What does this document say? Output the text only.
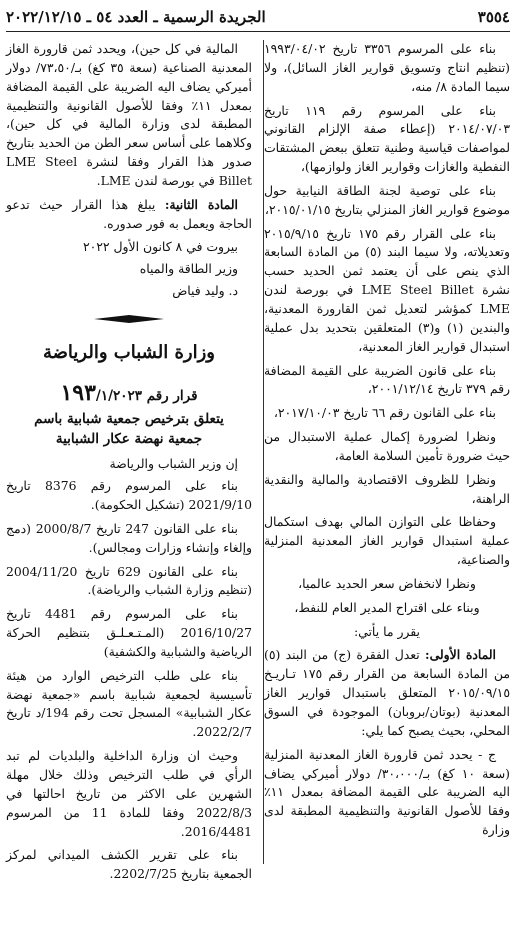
٣٥٥٤
الجريدة الرسمية ـ العدد ٥٤ ـ ٢٠٢٢/١٢/١٥

بناء على المرسوم ٣٣٥٦ تاريخ ١٩٩٣/٠٤/٠٢ (تنظيم انتاج وتسويق قوارير الغاز السائل)، ولا سيما المادة ٨/ منه،

بناء على المرسوم رقم ١١٩ تاريخ ٢٠١٤/٠٧/٠٣ (إعطاء صفة الإلزام القانوني لمواصفات قياسية وطنية تتعلق ببعض المشتقات النفطية والغازات وقوارير الغاز ولوازمها)،

بناء على توصية لجنة الطاقة النيابية حول موضوع قوارير الغاز المنزلي بتاريخ ٢٠١٥/٠١/١٥،

بناء على القرار رقم ١٧٥ تاريخ ٢٠١٥/٩/١٥ وتعديلاته، ولا سيما البند (٥) من المادة السابعة الذي ينص على أن يعتمد ثمن الحديد حسب نشرة LME Steel Billet في بورصة لندن LME كمؤشر لتعديل ثمن القارورة المعدنية، والبندين (١) و(٣) المتعلقين بتحديد بدل عملية استبدال قوارير الغاز المعدنية،

بناء على قانون الضريبة على القيمة المضافة رقم ٣٧٩ تاريخ ٢٠٠١/١٢/١٤،

بناء على القانون رقم ٦٦ تاريخ ٢٠١٧/١٠/٠٣،

ونظرا لضرورة إكمال عملية الاستبدال من حيث ضرورة تأمين السلامة العامة،

ونظرا للظروف الاقتصادية والمالية والنقدية الراهنة،

وحفاظا على التوازن المالي بهدف استكمال عملية استبدال قوارير الغاز المعدنية المنزلية والصناعية،

ونظرا لانخفاض سعر الحديد عالميا،

وبناء على اقتراح المدير العام للنفط،

يقرر ما يأتي:

المادة الأولى: تعدل الفقرة (ج) من البند (٥) من المادة السابعة من القرار رقم ١٧٥ تـاريـخ ٢٠١٥/٠٩/١٥ المتعلق باستبدال قوارير الغاز المعدنية (بوتان/بروبان) الموجودة في السوق المحلي، بحيث يصبح كما يلي:

ج - يحدد ثمن قارورة الغاز المعدنية المنزلية (سعة ١٠ كغ) بـ/٣٠،٠٠٠/ دولار أميركي يضاف اليه الضريبة على القيمة المضافة بمعدل ١١٪ وفقا للأصول القانونية والتنظيمية المطبقة لدى وزارة

المالية في كل حين)، ويحدد ثمن قارورة الغاز المعدنية الصناعية (سعة ٣٥ كغ) بـ/٧٣،٥٠/ دولار أميركي يضاف اليه الضريبة على القيمة المضافة بمعدل ١١٪ وفقا للأصول القانونية والتنظيمية المطبقة لدى وزارة المالية في كل حين)، وكلاهما على أساس سعر الطن من الحديد بتاريخ صدور هذا القرار وفقا لنشرة LME Steel Billet في بورصة لندن LME.

المادة الثانية: يبلغ هذا القرار حيث تدعو الحاجة ويعمل به فور صدوره.

بيروت في ٨ كانون الأول ٢٠٢٢

وزير الطاقة والمياه

د. وليد فياض

وزارة الشباب والرياضة
قرار رقم ١٩٣/١/٢٠٢٣
يتعلق بترخيص جمعية شبابية باسم
جمعية نهضة عكار الشبابية

إن وزير الشباب والرياضة

بناء على المرسوم رقم 8376 تاريخ 2021/9/10 (تشكيل الحكومة).

بناء على القانون 247 تاريخ 2000/8/7 (دمج وإلغاء وإنشاء وزارات ومجالس).

بناء على القانون 629 تاريخ 2004/11/20 (تنظيم وزارة الشباب والرياضة).

بناء على المرسوم رقم 4481 تاريخ 2016/10/27 (المـتـعـلـق بتنظيم الحركة الرياضية والشبابية والكشفية)

بناء على طلب الترخيص الوارد من هيئة تأسيسية لجمعية شبابية باسم «جمعية نهضة عكار الشبابية» المسجل تحت رقم 194/د تاريخ 2022/2/7.

وحيث ان وزارة الداخلية والبلديات لم تبد الرأي في طلب الترخيص وذلك خلال مهلة الشهرين على الاكثر من تاريخ احالتها في 2022/8/3 وفقا للمادة 11 من المرسوم 2016/4481.

بناء على تقرير الكشف الميداني لمركز الجمعية بتاريخ 2202/7/25.
